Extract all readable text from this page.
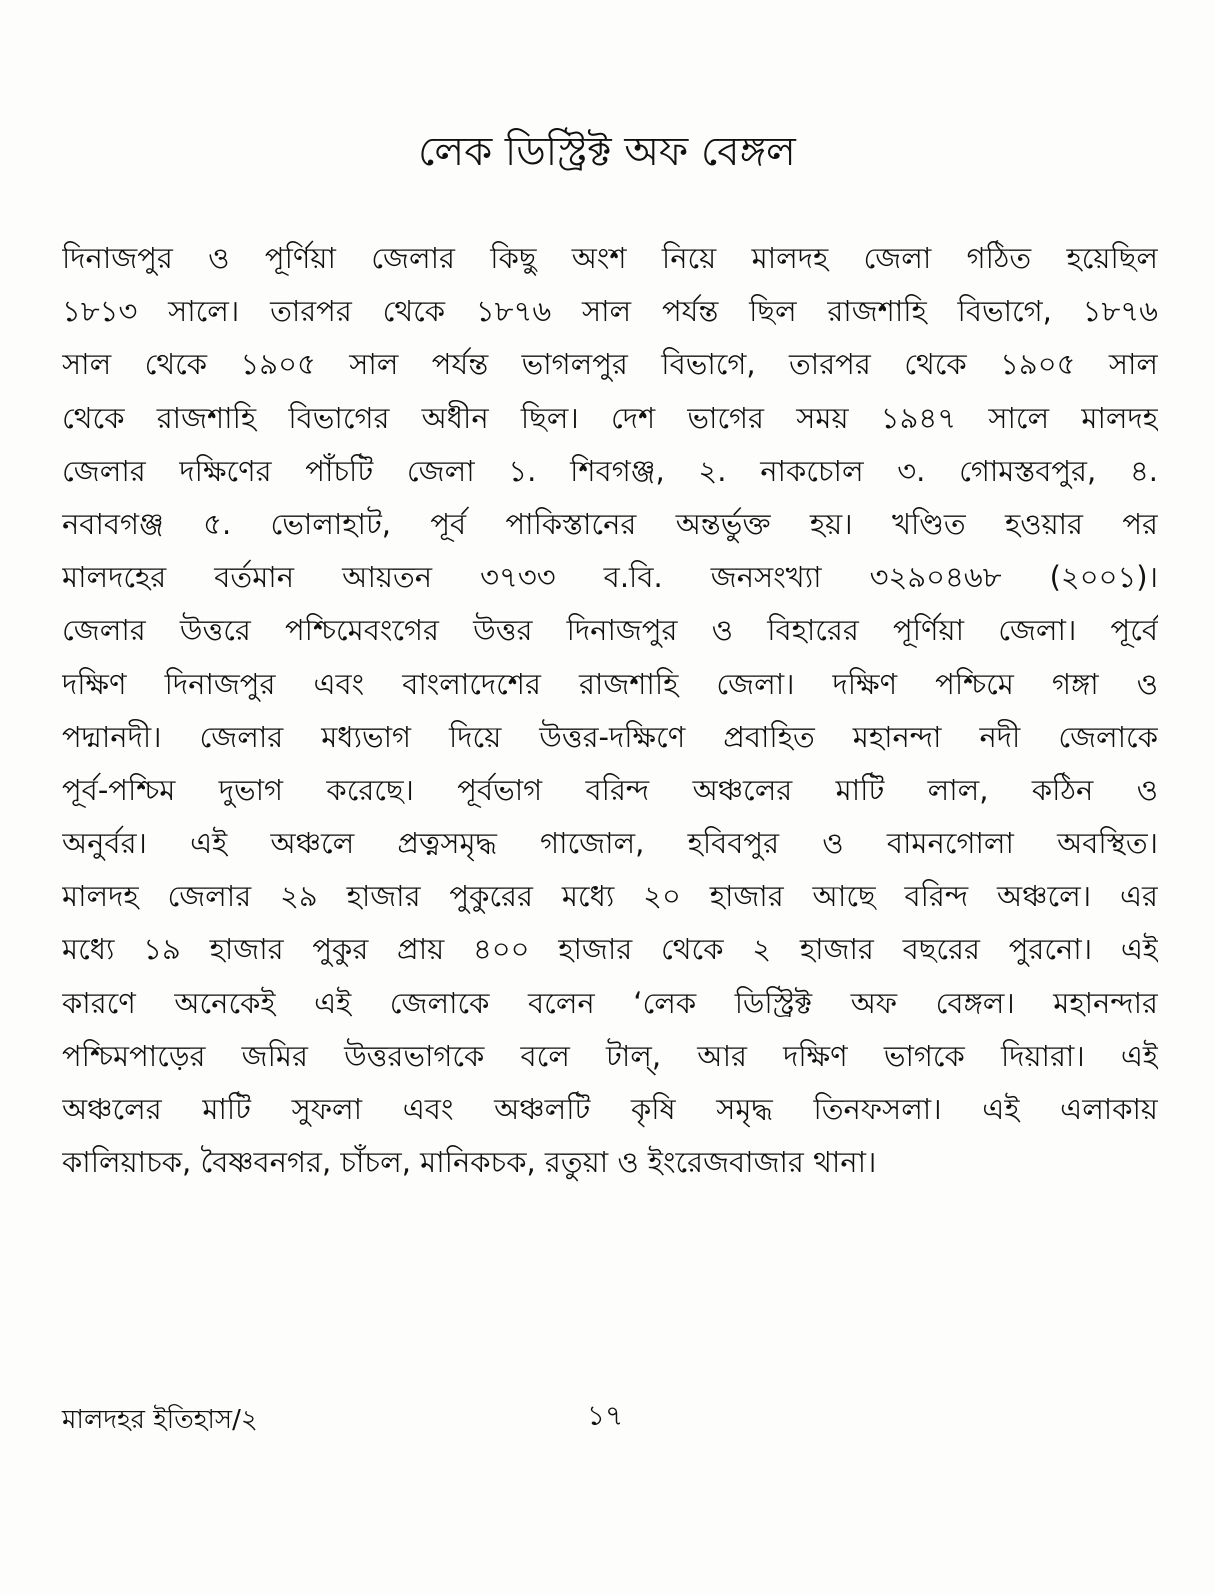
লেক ডিস্ট্রিক্ট অফ বেঙ্গল
দিনাজপুর ও পূর্ণিয়া জেলার কিছু অংশ নিয়ে মালদহ জেলা গঠিত হয়েছিল
১৮১৩ সালে। তারপর থেকে ১৮৭৬ সাল পর্যন্ত ছিল রাজশাহি বিভাগে, ১৮৭৬
সাল থেকে ১৯০৫ সাল পর্যন্ত ভাগলপুর বিভাগে, তারপর থেকে ১৯০৫ সাল
থেকে রাজশাহি বিভাগের অধীন ছিল। দেশ ভাগের সময় ১৯৪৭ সালে মালদহ
জেলার দক্ষিণের পাঁচটি জেলা ১. শিবগঞ্জ, ২. নাকচোল ৩. গোমস্তবপুর, ৪.
নবাবগঞ্জ ৫. ভোলাহাট, পূর্ব পাকিস্তানের অন্তর্ভুক্ত হয়। খণ্ডিত হওয়ার পর
মালদহের বর্তমান আয়তন ৩৭৩৩ ব.বি. জনসংখ্যা ৩২৯০৪৬৮ (২০০১)।
জেলার উত্তরে পশ্চিমেবংগের উত্তর দিনাজপুর ও বিহারের পূর্ণিয়া জেলা। পূর্বে
দক্ষিণ দিনাজপুর এবং বাংলাদেশের রাজশাহি জেলা। দক্ষিণ পশ্চিমে গঙ্গা ও
পদ্মানদী। জেলার মধ্যভাগ দিয়ে উত্তর-দক্ষিণে প্রবাহিত মহানন্দা নদী জেলাকে
পূর্ব-পশ্চিম দুভাগ করেছে। পূর্বভাগ বরিন্দ অঞ্চলের মাটি লাল, কঠিন ও
অনুর্বর। এই অঞ্চলে প্রত্নসমৃদ্ধ গাজোল, হবিবপুর ও বামনগোলা অবস্থিত।
মালদহ জেলার ২৯ হাজার পুকুরের মধ্যে ২০ হাজার আছে বরিন্দ অঞ্চলে। এর
মধ্যে ১৯ হাজার পুকুর প্রায় ৪০০ হাজার থেকে ২ হাজার বছরের পুরনো। এই
কারণে অনেকেই এই জেলাকে বলেন ‘লেক ডিস্ট্রিক্ট অফ বেঙ্গল। মহানন্দার
পশ্চিমপাড়ের জমির উত্তরভাগকে বলে টাল্, আর দক্ষিণ ভাগকে দিয়ারা। এই
অঞ্চলের মাটি সুফলা এবং অঞ্চলটি কৃষি সমৃদ্ধ তিনফসলা। এই এলাকায়
কালিয়াচক, বৈষ্ণবনগর, চাঁচল, মানিকচক, রতুয়া ও ইংরেজবাজার থানা।
মালদহর ইতিহাস/২	১৭
